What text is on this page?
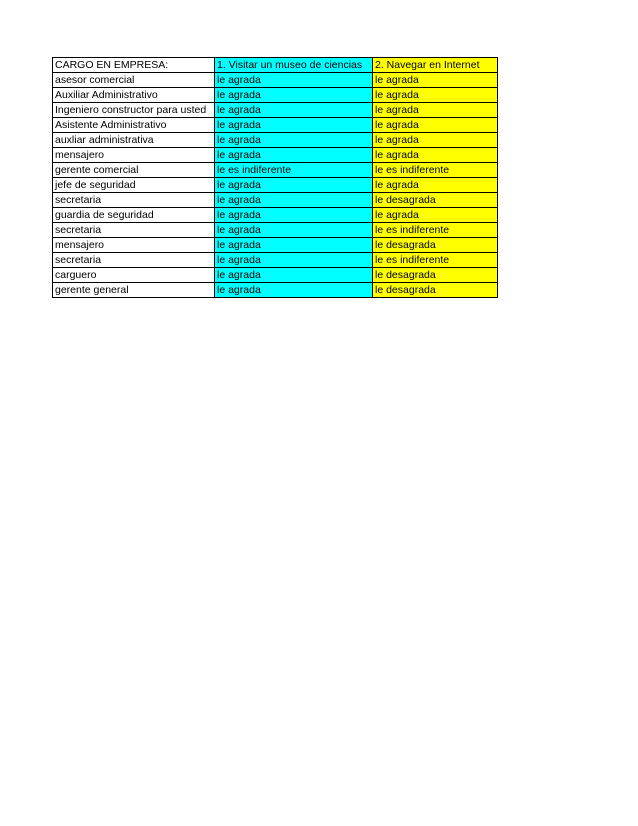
CARGO EN EMPRESA:	1. Visitar un museo de ciencias	2. Navegar en Internet
asesor comercial	le agrada	le agrada
Auxiliar Administrativo	le agrada	le agrada
Ingeniero constructor para usted	le agrada	le agrada
Asistente Administrativo	le agrada	le agrada
auxliar administrativa	le agrada	le agrada
mensajero	le agrada	le agrada
gerente comercial	le es indiferente	le es indiferente
jefe de seguridad	le agrada	le agrada
secretaria	le agrada	le desagrada
guardia de seguridad	le agrada	le agrada
secretaria	le agrada	le es indiferente
mensajero	le agrada	le desagrada
secretaria	le agrada	le es indiferente
carguero	le agrada	le desagrada
gerente general	le agrada	le desagrada
